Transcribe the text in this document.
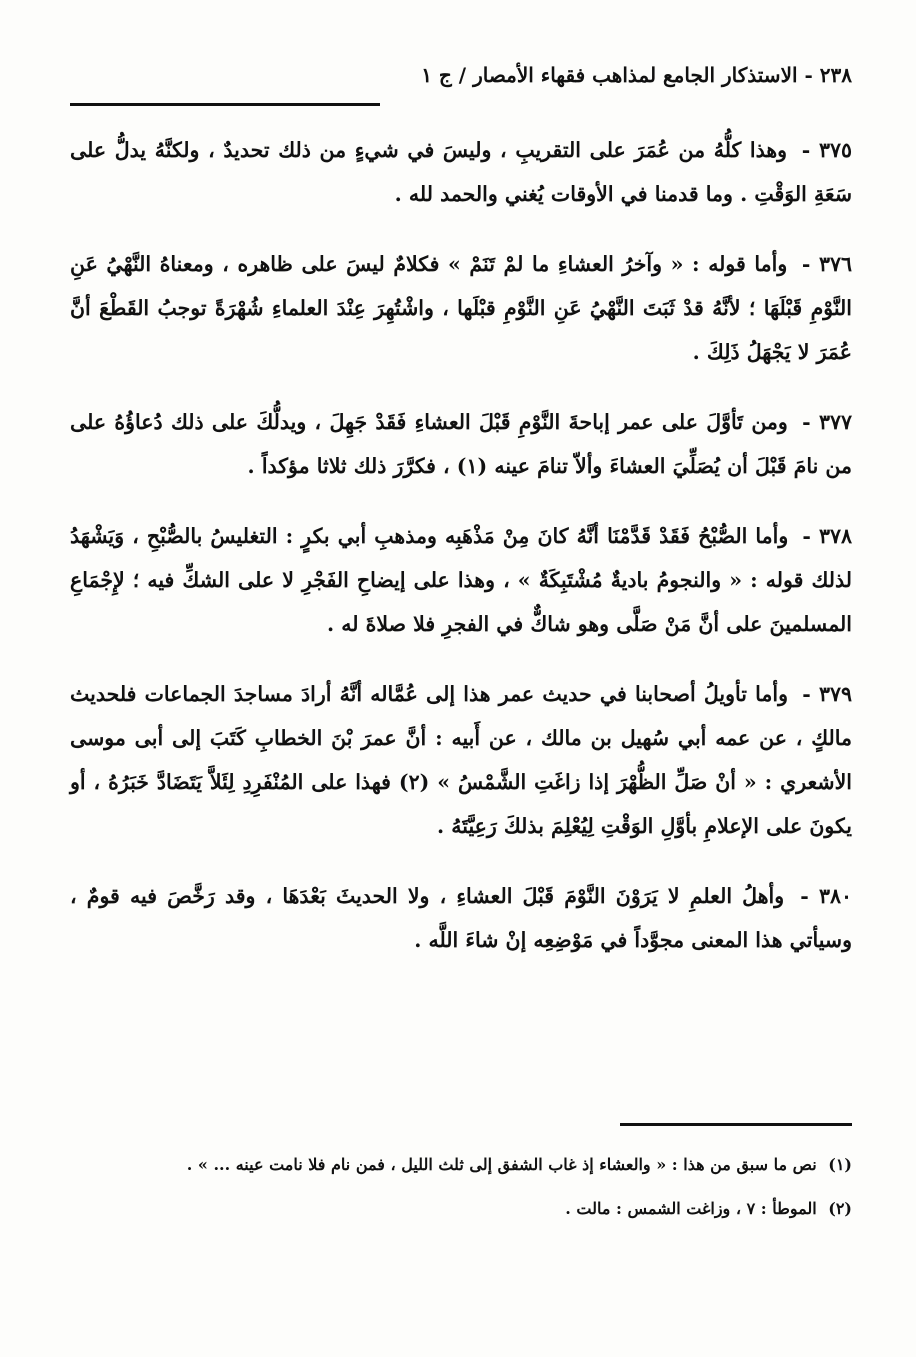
٢٣٨ - الاستذكار الجامع لمذاهب فقهاء الأمصار / ج ١

٣٧٥ - وهذا كلُّهُ من عُمَرَ على التقريبِ ، وليسَ في شيءٍ من ذلك تحديدٌ ، ولكنَّهُ يدلُّ على سَعَةِ الوَقْتِ . وما قدمنا في الأوقات يُغني والحمد لله .

٣٧٦ - وأما قوله : « وآخرُ العشاءِ ما لمْ تَنَمْ » فكلامٌ ليسَ على ظاهره ، ومعناهُ النَّهْيُ عَنِ النَّوْمِ قَبْلَهَا ؛ لأنَّهُ قدْ ثَبَتَ النَّهْيُ عَنِ النَّوْمِ قبْلَها ، واشْتُهِرَ عِنْدَ العلماءِ شُهْرَةً توجبُ القَطْعَ أنَّ عُمَرَ لا يَجْهَلُ ذَلِكَ .

٣٧٧ - ومن تَأوَّلَ على عمر إباحةَ النَّوْمِ قَبْلَ العشاءِ فَقَدْ جَهِلَ ، ويدلُّكَ على ذلك دُعاؤُهُ على من نامَ قَبْلَ أن يُصَلِّيَ العشاءَ وألاّ تنامَ عينه (١) ، فكرَّرَ ذلك ثلاثا مؤكداً .

٣٧٨ - وأما الصُّبْحُ فَقَدْ قَدَّمْنَا أنَّهُ كانَ مِنْ مَذْهَبِه ومذهبِ أبي بكرٍ : التغليسُ بالصُّبْحِ ، وَيَشْهَدُ لذلك قوله : « والنجومُ باديةٌ مُشْتَبِكَةٌ » ، وهذا على إيضاحِ الفَجْرِ لا على الشكِّ فيه ؛ لإِجْمَاعِ المسلمينَ على أنَّ مَنْ صَلَّى وهو شاكٌّ في الفجرِ فلا صلاةَ له .

٣٧٩ - وأما تأويلُ أصحابنا في حديث عمر هذا إلى عُمَّاله أنَّهُ أرادَ مساجدَ الجماعات فلحديث مالكٍ ، عن عمه أبي سُهيل بن مالك ، عن أَبيه : أنَّ عمرَ بْنَ الخطابِ كَتَبَ إلى أبى موسى الأشعري : « أنْ صَلِّ الظُّهْرَ إذا زاغَتِ الشَّمْسُ » (٢) فهذا على المُنْفَرِدِ لِئَلاَّ يَتَضَادَّ خَبَرُهُ ، أو يكونَ على الإعلامِ بأوَّلِ الوَقْتِ لِيُعْلِمَ بذلكَ رَعِيَّتَهُ .

٣٨٠ - وأهلُ العلمِ لا يَرَوْنَ النَّوْمَ قَبْلَ العشاءِ ، ولا الحديثَ بَعْدَهَا ، وقد رَخَّصَ فيه قومٌ ، وسيأتي هذا المعنى مجوَّداً في مَوْضِعِه إنْ شاءَ اللَّه .

(١) نص ما سبق من هذا : « والعشاء إذ غاب الشفق إلى ثلث الليل ، فمن نام فلا نامت عينه ... » .

(٢) الموطأ : ٧ ، وزاغت الشمس : مالت .
